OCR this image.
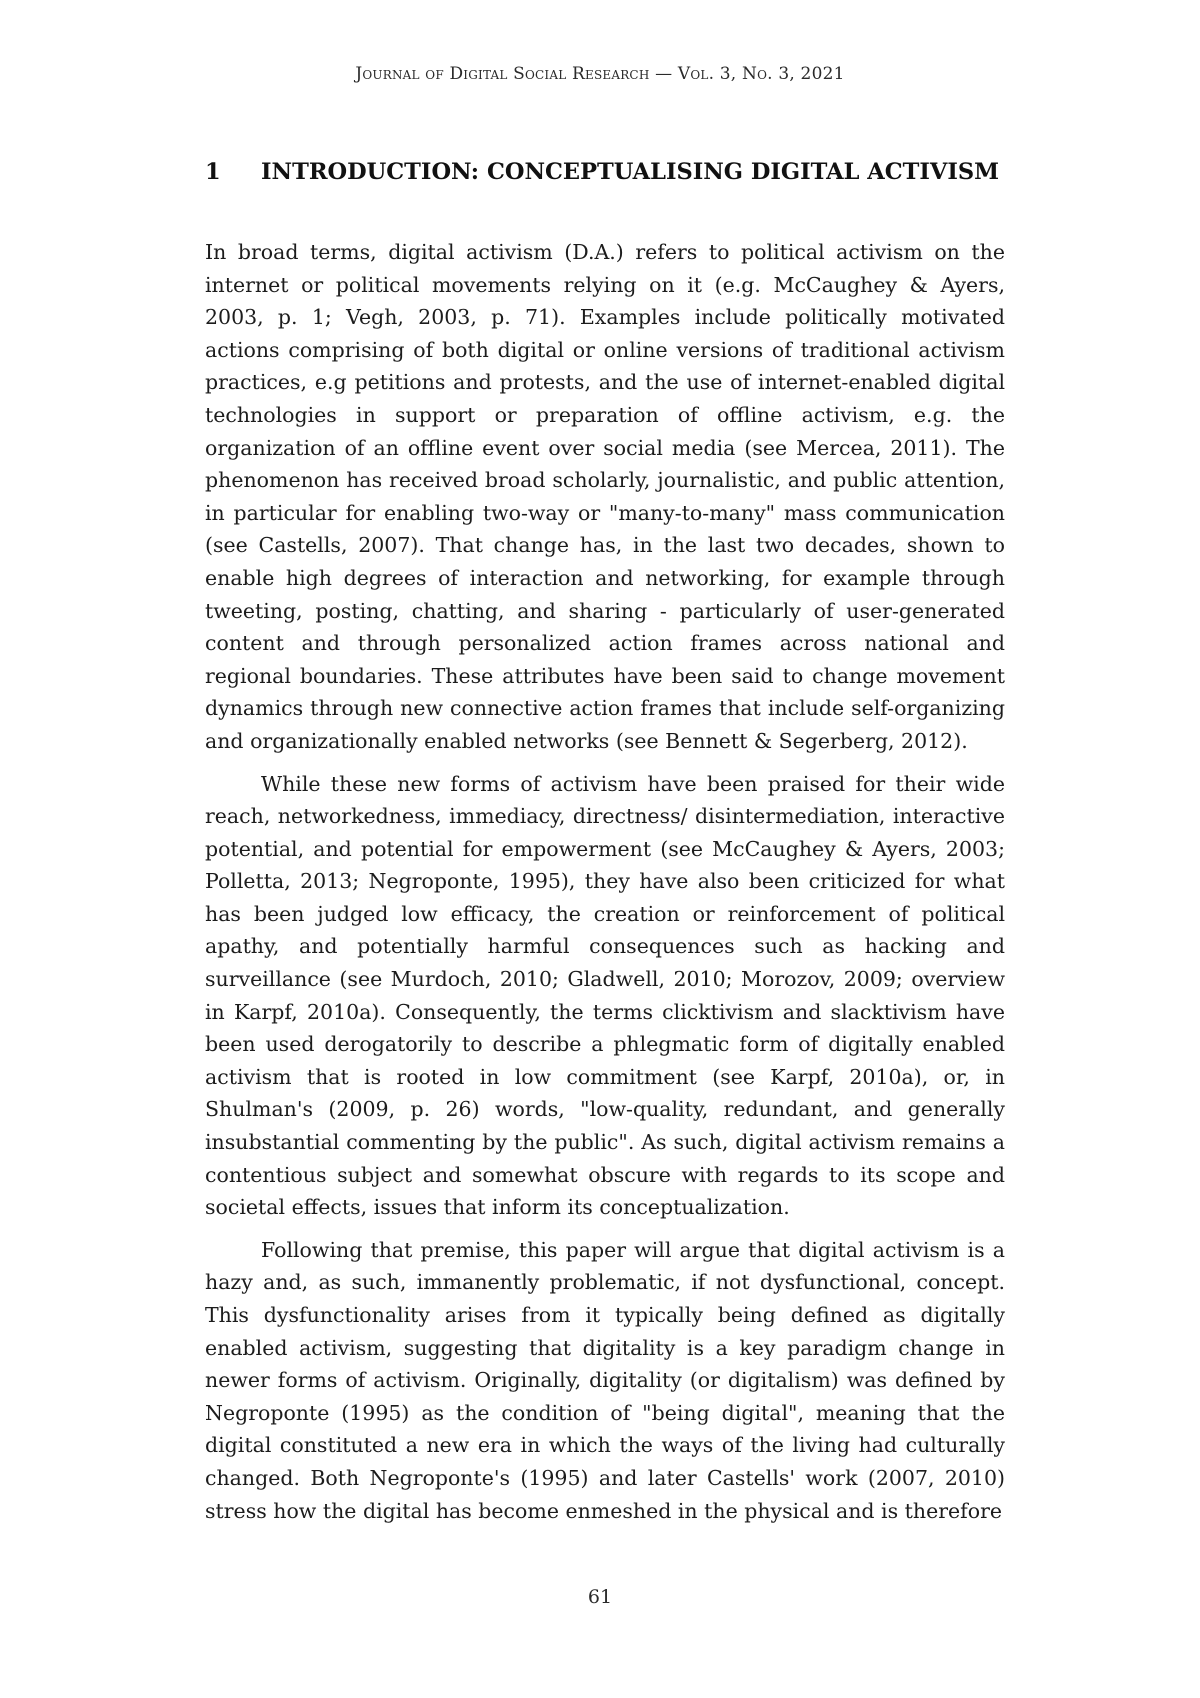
Journal of Digital Social Research — Vol. 3, No. 3, 2021
1	INTRODUCTION: CONCEPTUALISING DIGITAL ACTIVISM

In broad terms, digital activism (D.A.) refers to political activism on the internet or political movements relying on it (e.g. McCaughey & Ayers, 2003, p. 1; Vegh, 2003, p. 71). Examples include politically motivated actions comprising of both digital or online versions of traditional activism practices, e.g petitions and protests, and the use of internet-enabled digital technologies in support or preparation of offline activism, e.g. the organization of an offline event over social media (see Mercea, 2011). The phenomenon has received broad scholarly, journalistic, and public attention, in particular for enabling two-way or "many-to-many" mass communication (see Castells, 2007). That change has, in the last two decades, shown to enable high degrees of interaction and networking, for example through tweeting, posting, chatting, and sharing - particularly of user-generated content and through personalized action frames across national and regional boundaries. These attributes have been said to change movement dynamics through new connective action frames that include self-organizing and organizationally enabled networks (see Bennett & Segerberg, 2012).

While these new forms of activism have been praised for their wide reach, networkedness, immediacy, directness/ disintermediation, interactive potential, and potential for empowerment (see McCaughey & Ayers, 2003; Polletta, 2013; Negroponte, 1995), they have also been criticized for what has been judged low efficacy, the creation or reinforcement of political apathy, and potentially harmful consequences such as hacking and surveillance (see Murdoch, 2010; Gladwell, 2010; Morozov, 2009; overview in Karpf, 2010a). Consequently, the terms clicktivism and slacktivism have been used derogatorily to describe a phlegmatic form of digitally enabled activism that is rooted in low commitment (see Karpf, 2010a), or, in Shulman's (2009, p. 26) words, "low-quality, redundant, and generally insubstantial commenting by the public". As such, digital activism remains a contentious subject and somewhat obscure with regards to its scope and societal effects, issues that inform its conceptualization.

Following that premise, this paper will argue that digital activism is a hazy and, as such, immanently problematic, if not dysfunctional, concept. This dysfunctionality arises from it typically being defined as digitally enabled activism, suggesting that digitality is a key paradigm change in newer forms of activism. Originally, digitality (or digitalism) was defined by Negroponte (1995) as the condition of "being digital", meaning that the digital constituted a new era in which the ways of the living had culturally changed. Both Negroponte's (1995) and later Castells' work (2007, 2010) stress how the digital has become enmeshed in the physical and is therefore

61
